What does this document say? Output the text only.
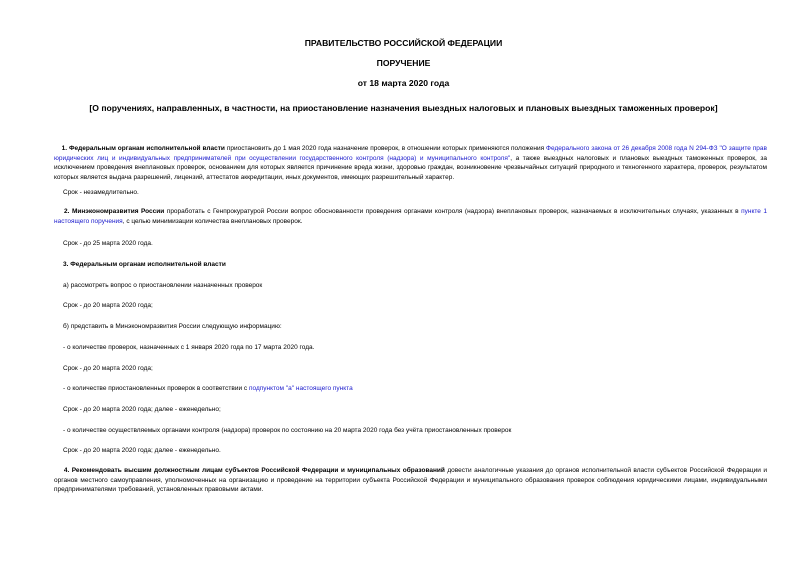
ПРАВИТЕЛЬСТВО РОССИЙСКОЙ ФЕДЕРАЦИИ
ПОРУЧЕНИЕ
от 18 марта 2020 года
[О поручениях, направленных, в частности, на приостановление назначения выездных налоговых и плановых выездных таможенных проверок]
1. Федеральным органам исполнительной власти приостановить до 1 мая 2020 года назначение проверок, в отношении которых применяются положения Федерального закона от 26 декабря 2008 года N 294-ФЗ "О защите прав юридических лиц и индивидуальных предпринимателей при осуществлении государственного контроля (надзора) и муниципального контроля", а также выездных налоговых и плановых выездных таможенных проверок, за исключением проведения внеплановых проверок, основанием для которых является причинение вреда жизни, здоровью граждан, возникновение чрезвычайных ситуаций природного и техногенного характера, проверок, результатом которых является выдача разрешений, лицензий, аттестатов аккредитации, иных документов, имеющих разрешительный характер.
Срок - незамедлительно.
2. Минэкономразвития России проработать с Генпрокуратурой России вопрос обоснованности проведения органами контроля (надзора) внеплановых проверок, назначаемых в исключительных случаях, указанных в пункте 1 настоящего поручения, с целью минимизации количества внеплановых проверок.
Срок - до 25 марта 2020 года.
3. Федеральным органам исполнительной власти
а) рассмотреть вопрос о приостановлении назначенных проверок
Срок - до 20 марта 2020 года;
б) представить в Минэкономразвития России следующую информацию:
- о количестве проверок, назначенных с 1 января 2020 года по 17 марта 2020 года.
Срок - до 20 марта 2020 года;
- о количестве приостановленных проверок в соответствии с подпунктом "а" настоящего пункта
Срок - до 20 марта 2020 года; далее - еженедельно;
- о количестве осуществляемых органами контроля (надзора) проверок по состоянию на 20 марта 2020 года без учёта приостановленных проверок
Срок - до 20 марта 2020 года; далее - еженедельно.
4. Рекомендовать высшим должностным лицам субъектов Российской Федерации и муниципальных образований довести аналогичные указания до органов исполнительной власти субъектов Российской Федерации и органов местного самоуправления, уполномоченных на организацию и проведение на территории субъекта Российской Федерации и муниципального образования проверок соблюдения юридическими лицами, индивидуальными предпринимателями требований, установленных правовыми актами.
